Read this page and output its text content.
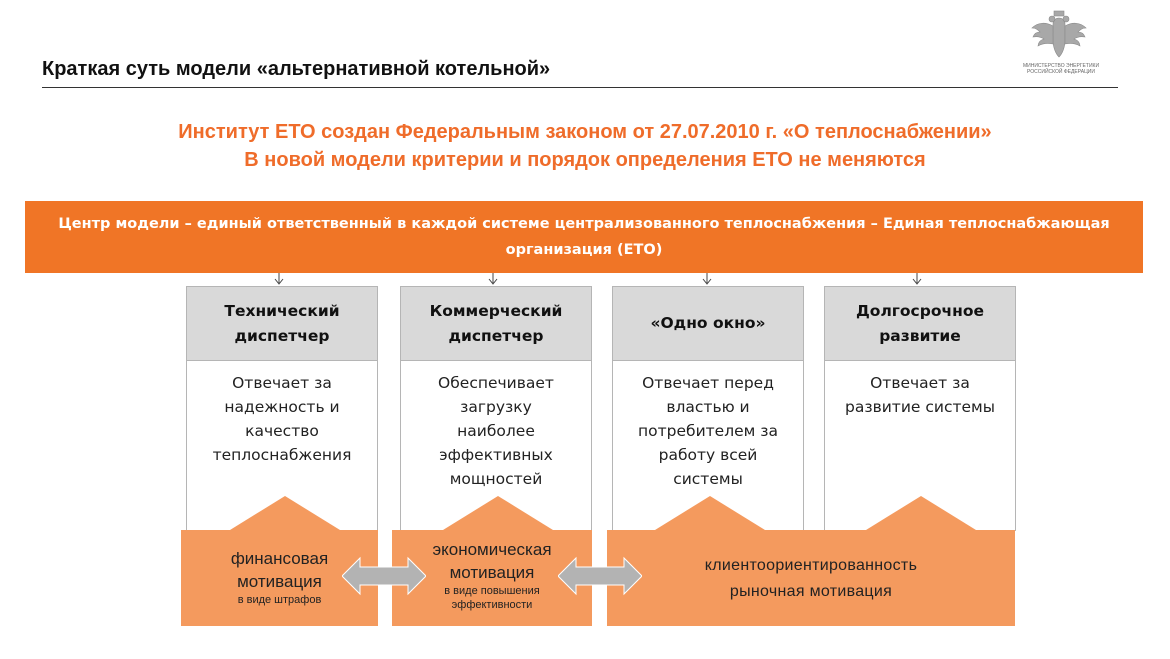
Краткая суть модели «альтернативной котельной»	МИНИСТЕРСТВО ЭНЕРГЕТИКИ РОССИЙСКОЙ ФЕДЕРАЦИИ
Институт ЕТО создан Федеральным законом от 27.07.2010 г. «О теплоснабжении»
В новой модели критерии и порядок определения ЕТО не меняются
Центр модели – единый ответственный в каждой системе централизованного теплоснабжения – Единая теплоснабжающая организация (ЕТО)
Технический диспетчер
Отвечает за надежность и качество теплоснабжения
Коммерческий диспетчер
Обеспечивает загрузку наиболее эффективных мощностей
«Одно окно»
Отвечает перед властью и потребителем за работу всей системы
Долгосрочное развитие
Отвечает за развитие системы
финансовая мотивация
в виде штрафов
экономическая мотивация
в виде повышения эффективности
клиентоориентированность
рыночная мотивация
